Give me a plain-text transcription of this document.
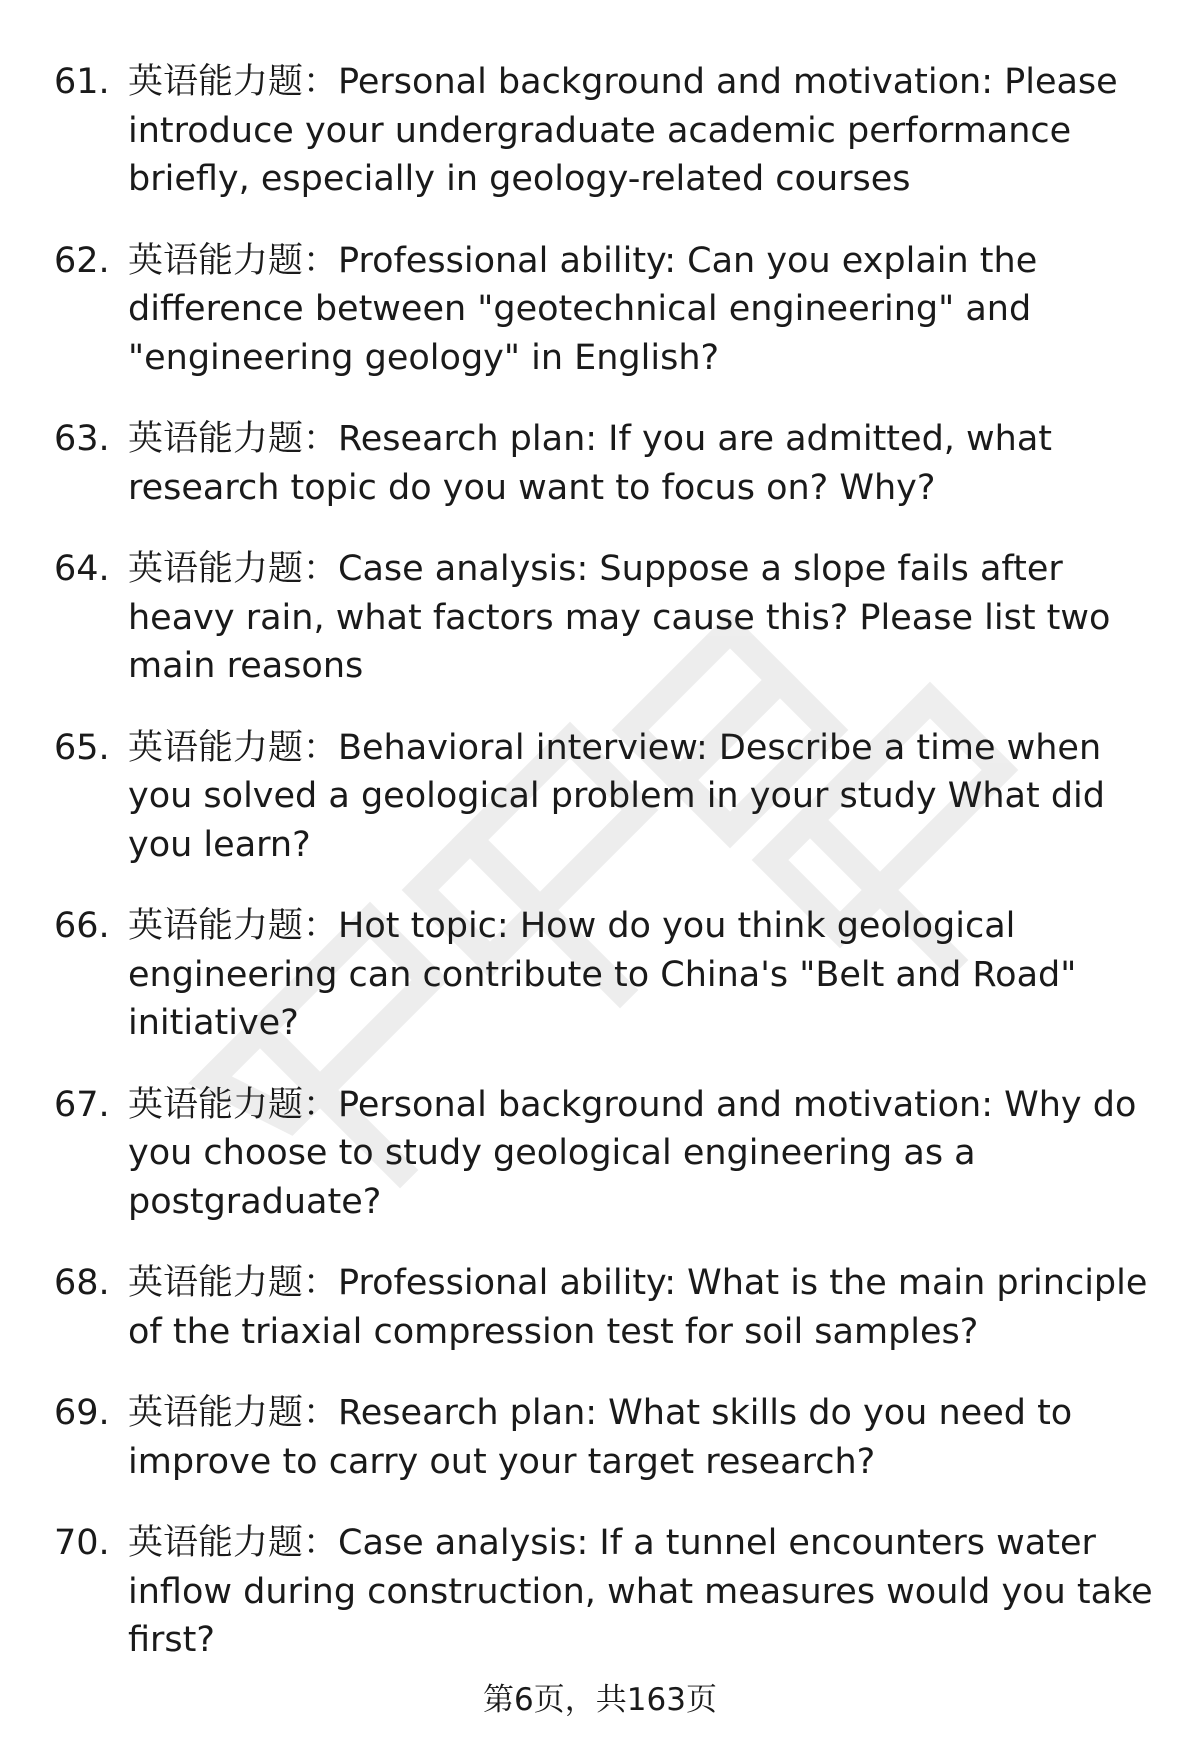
61. 英语能力题：Personal background and motivation: Please introduce your undergraduate academic performance briefly, especially in geology-related courses
62. 英语能力题：Professional ability: Can you explain the difference between "geotechnical engineering" and "engineering geology" in English?
63. 英语能力题：Research plan: If you are admitted, what research topic do you want to focus on? Why?
64. 英语能力题：Case analysis: Suppose a slope fails after heavy rain, what factors may cause this? Please list two main reasons
65. 英语能力题：Behavioral interview: Describe a time when you solved a geological problem in your study What did you learn?
66. 英语能力题：Hot topic: How do you think geological engineering can contribute to China's "Belt and Road" initiative?
67. 英语能力题：Personal background and motivation: Why do you choose to study geological engineering as a postgraduate?
68. 英语能力题：Professional ability: What is the main principle of the triaxial compression test for soil samples?
69. 英语能力题：Research plan: What skills do you need to improve to carry out your target research?
70. 英语能力题：Case analysis: If a tunnel encounters water inflow during construction, what measures would you take first?
第6页，共163页
